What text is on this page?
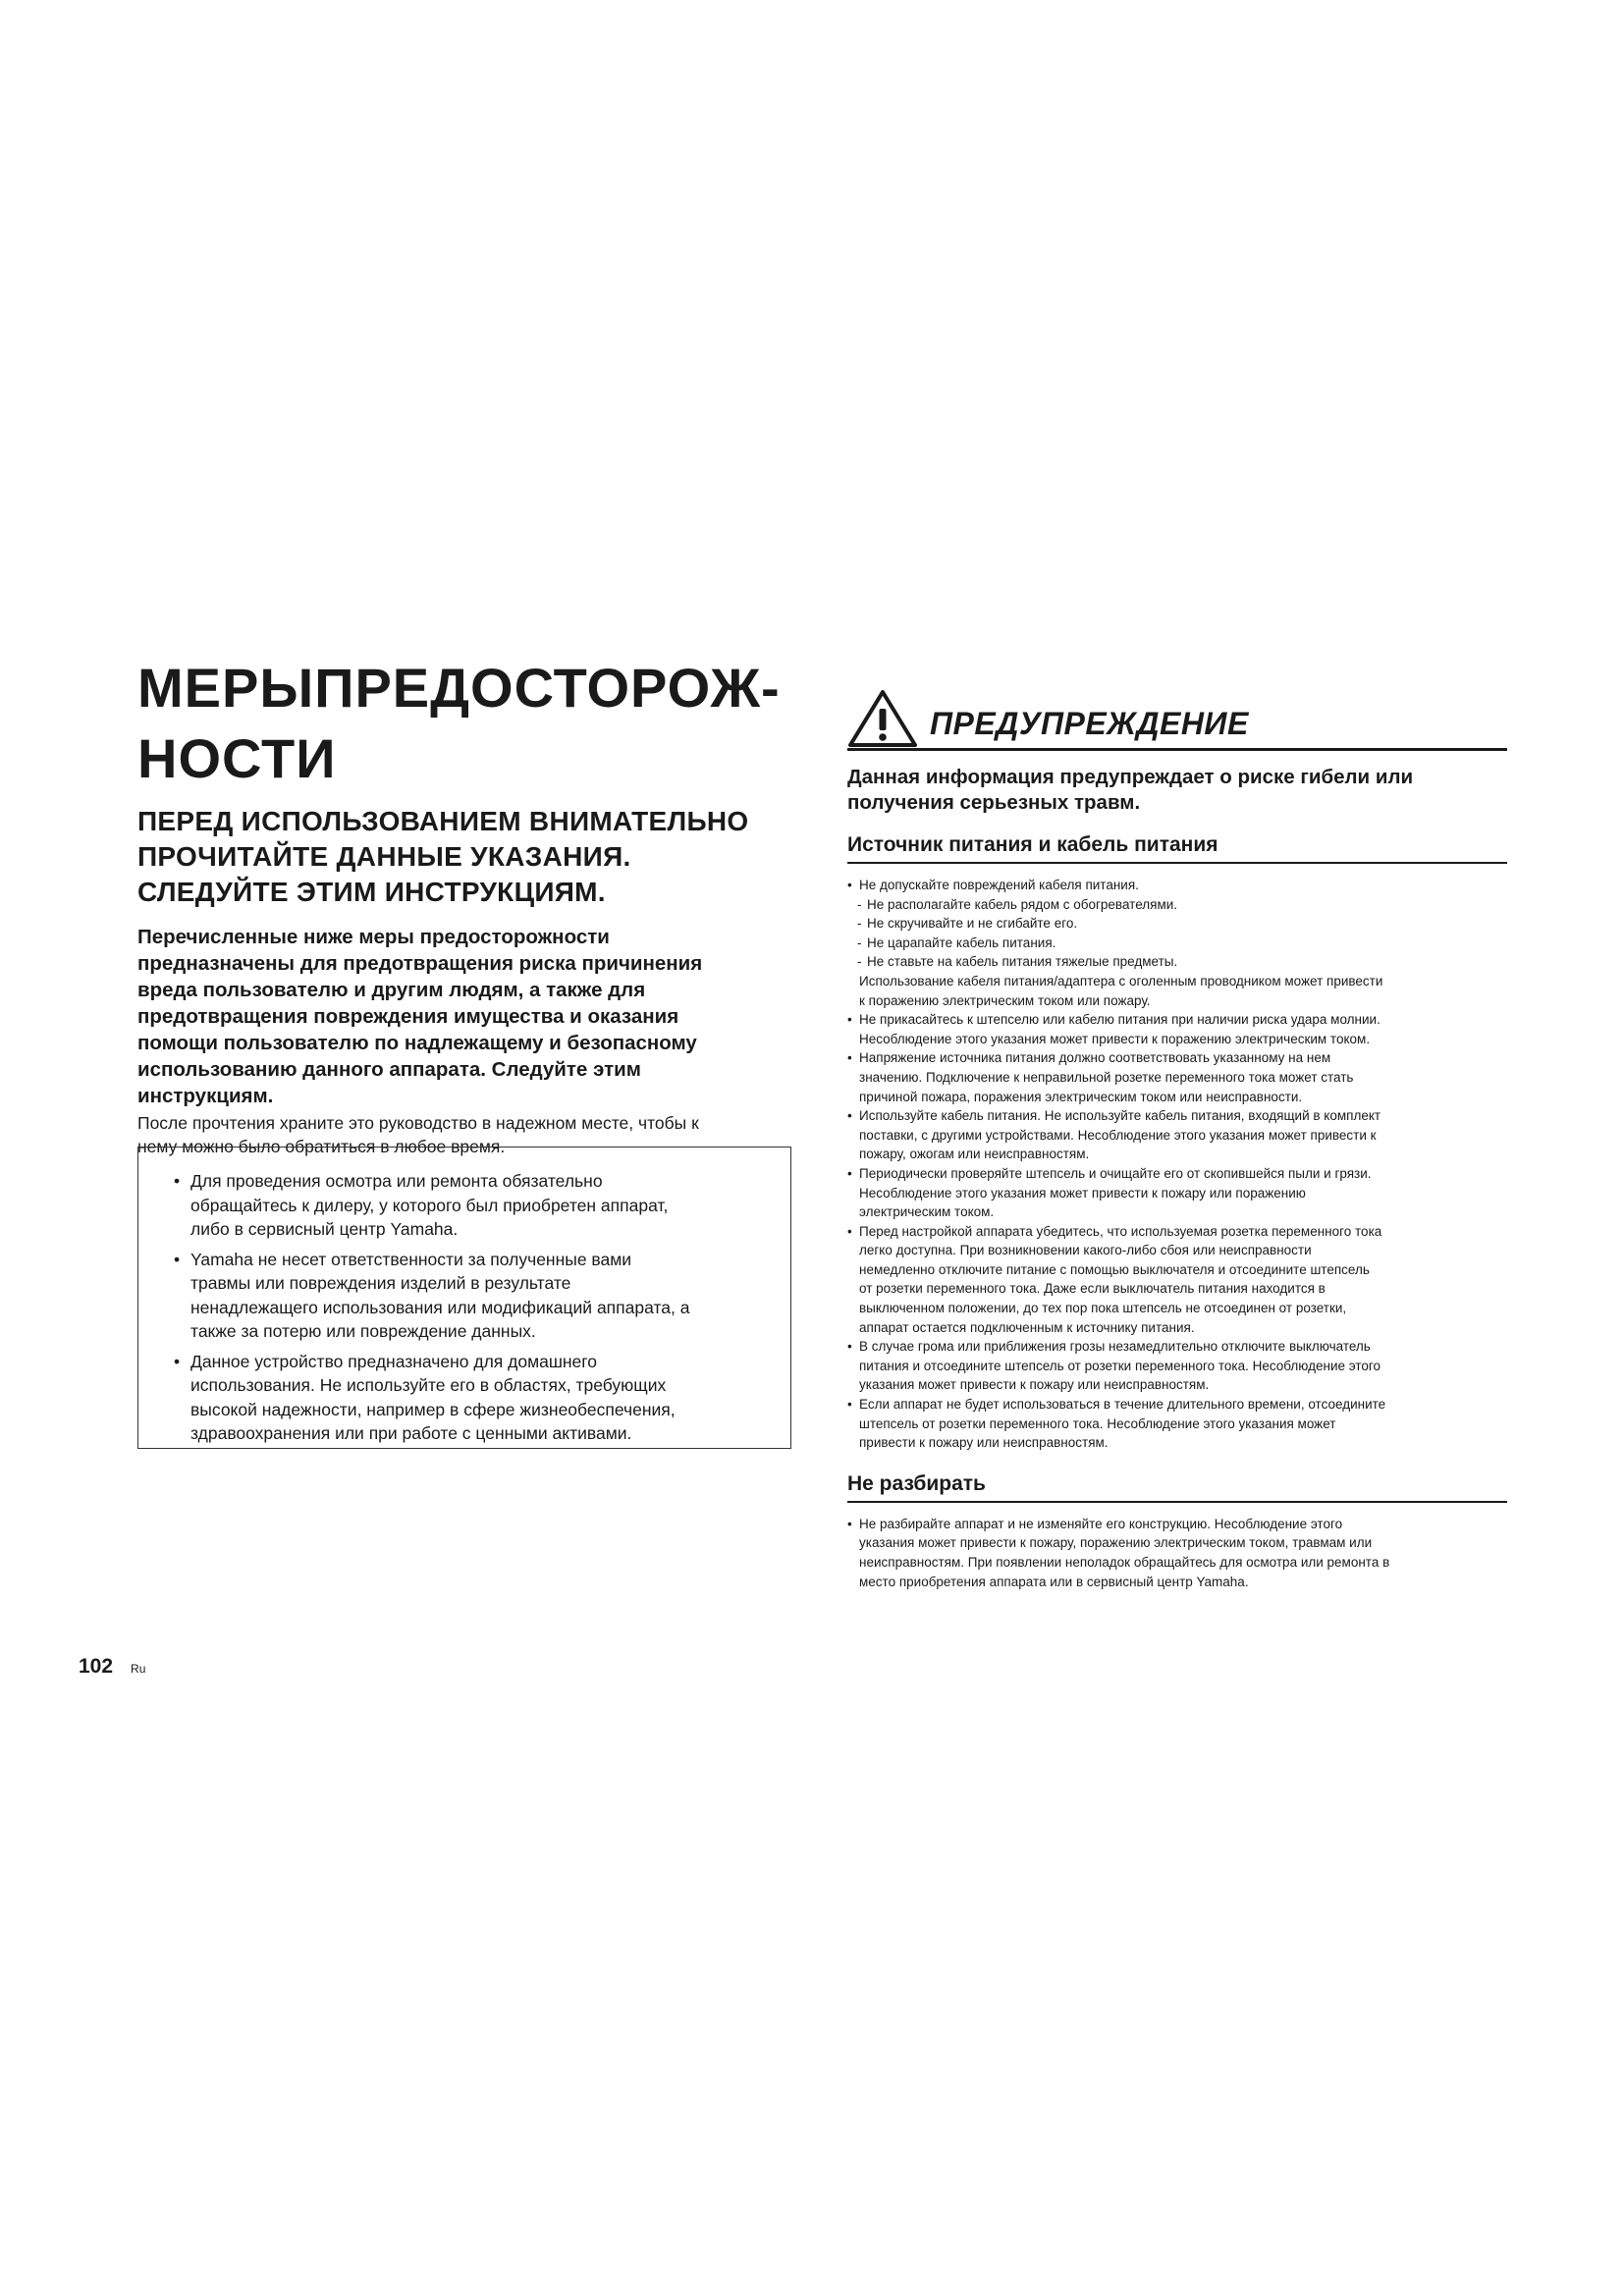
МЕРЫ ПРЕДОСТОРОЖ-
НОСТИ
ПЕРЕД ИСПОЛЬЗОВАНИЕМ ВНИМАТЕЛЬНО
ПРОЧИТАЙТЕ ДАННЫЕ УКАЗАНИЯ.
СЛЕДУЙТЕ ЭТИМ ИНСТРУКЦИЯМ.
Перечисленные ниже меры предосторожности
предназначены для предотвращения риска причинения
вреда пользователю и другим людям, а также для
предотвращения повреждения имущества и оказания
помощи пользователю по надлежащему и безопасному
использованию данного аппарата. Следуйте этим
инструкциям.
После прочтения храните это руководство в надежном месте, чтобы к
нему можно было обратиться в любое время.
• Для проведения осмотра или ремонта обязательно
обращайтесь к дилеру, у которого был приобретен аппарат,
либо в сервисный центр Yamaha.
• Yamaha не несет ответственности за полученные вами
травмы или повреждения изделий в результате
ненадлежащего использования или модификаций аппарата, а
также за потерю или повреждение данных.
• Данное устройство предназначено для домашнего
использования. Не используйте его в областях, требующих
высокой надежности, например в сфере жизнеобеспечения,
здравоохранения или при работе с ценными активами.
ПРЕДУПРЕЖДЕНИЕ
Данная информация предупреждает о риске гибели или
получения серьезных травм.
Источник питания и кабель питания
• Не допускайте повреждений кабеля питания.
- Не располагайте кабель рядом с обогревателями.
- Не скручивайте и не сгибайте его.
- Не царапайте кабель питания.
- Не ставьте на кабель питания тяжелые предметы.
Использование кабеля питания/адаптера с оголенным проводником может привести
к поражению электрическим током или пожару.
• Не прикасайтесь к штепселю или кабелю питания при наличии риска удара молнии.
Несоблюдение этого указания может привести к поражению электрическим током.
• Напряжение источника питания должно соответствовать указанному на нем
значению. Подключение к неправильной розетке переменного тока может стать
причиной пожара, поражения электрическим током или неисправности.
• Используйте кабель питания. Не используйте кабель питания, входящий в комплект
поставки, с другими устройствами. Несоблюдение этого указания может привести к
пожару, ожогам или неисправностям.
• Периодически проверяйте штепсель и очищайте его от скопившейся пыли и грязи.
Несоблюдение этого указания может привести к пожару или поражению
электрическим током.
• Перед настройкой аппарата убедитесь, что используемая розетка переменного тока
легко доступна. При возникновении какого-либо сбоя или неисправности
немедленно отключите питание с помощью выключателя и отсоедините штепсель
от розетки переменного тока. Даже если выключатель питания находится в
выключенном положении, до тех пор пока штепсель не отсоединен от розетки,
аппарат остается подключенным к источнику питания.
• В случае грома или приближения грозы незамедлительно отключите выключатель
питания и отсоедините штепсель от розетки переменного тока. Несоблюдение этого
указания может привести к пожару или неисправностям.
• Если аппарат не будет использоваться в течение длительного времени, отсоедините
штепсель от розетки переменного тока. Несоблюдение этого указания может
привести к пожару или неисправностям.
Не разбирать
• Не разбирайте аппарат и не изменяйте его конструкцию. Несоблюдение этого
указания может привести к пожару, поражению электрическим током, травмам или
неисправностям. При появлении неполадок обращайтесь для осмотра или ремонта в
место приобретения аппарата или в сервисный центр Yamaha.
102 Ru
